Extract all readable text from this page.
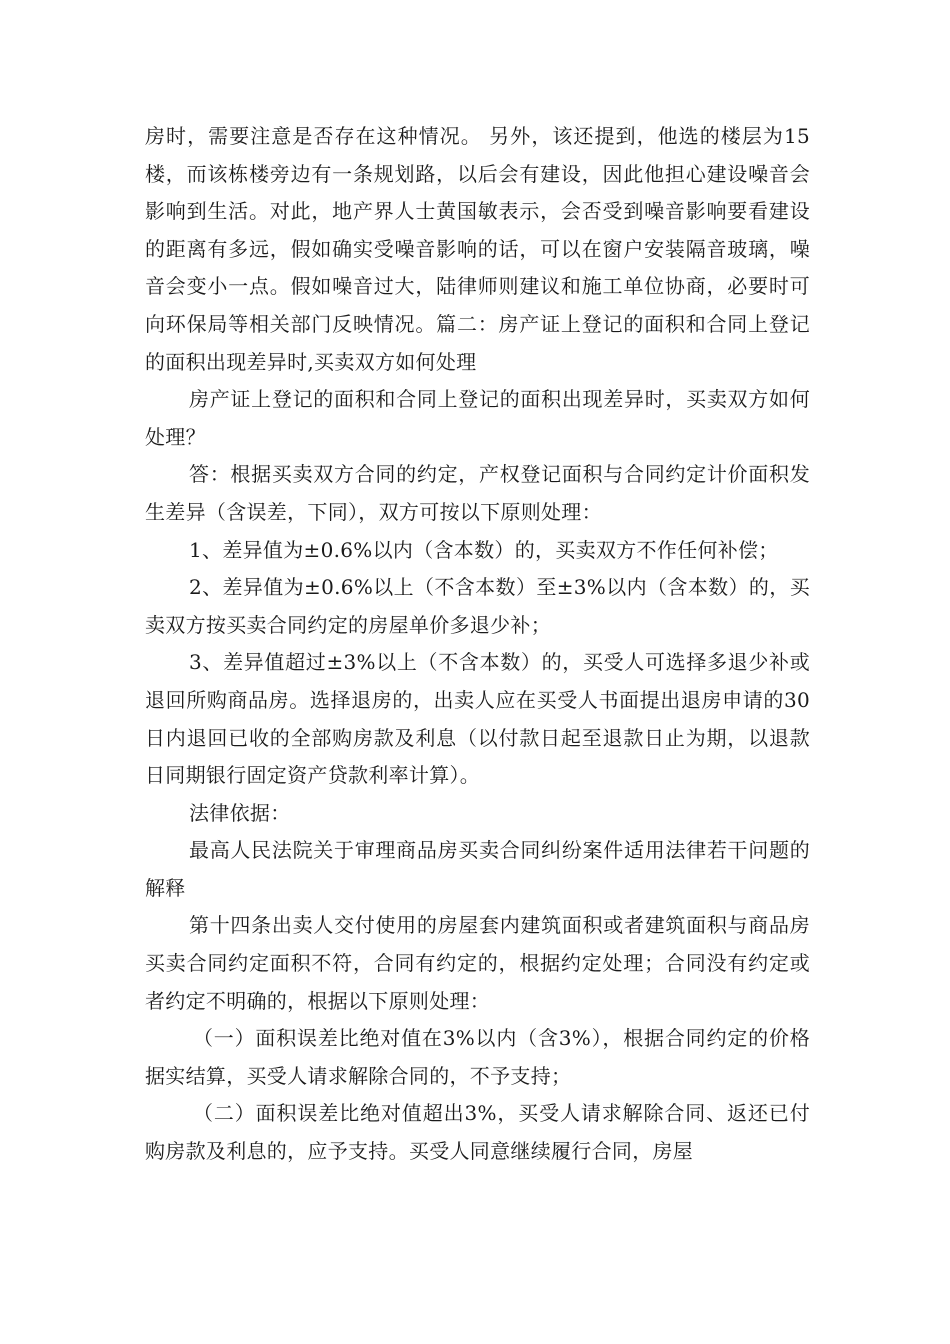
房时，需要注意是否存在这种情况。 另外，该还提到，他选的楼层为15楼，而该栋楼旁边有一条规划路，以后会有建设，因此他担心建设噪音会影响到生活。对此，地产界人士黄国敏表示，会否受到噪音影响要看建设的距离有多远，假如确实受噪音影响的话，可以在窗户安装隔音玻璃，噪音会变小一点。假如噪音过大，陆律师则建议和施工单位协商，必要时可向环保局等相关部门反映情况。篇二：房产证上登记的面积和合同上登记的面积出现差异时,买卖双方如何处理

房产证上登记的面积和合同上登记的面积出现差异时，买卖双方如何处理？

答：根据买卖双方合同的约定，产权登记面积与合同约定计价面积发生差异（含误差，下同），双方可按以下原则处理：

1、差异值为±0.6%以内（含本数）的，买卖双方不作任何补偿；

2、差异值为±0.6%以上（不含本数）至±3%以内（含本数）的，买卖双方按买卖合同约定的房屋单价多退少补；

3、差异值超过±3%以上（不含本数）的，买受人可选择多退少补或退回所购商品房。选择退房的，出卖人应在买受人书面提出退房申请的30日内退回已收的全部购房款及利息（以付款日起至退款日止为期，以退款日同期银行固定资产贷款利率计算）。

法律依据：

最高人民法院关于审理商品房买卖合同纠纷案件适用法律若干问题的解释

第十四条出卖人交付使用的房屋套内建筑面积或者建筑面积与商品房买卖合同约定面积不符，合同有约定的，根据约定处理；合同没有约定或者约定不明确的，根据以下原则处理：

（一）面积误差比绝对值在3%以内（含3%），根据合同约定的价格据实结算，买受人请求解除合同的，不予支持；

（二）面积误差比绝对值超出3%，买受人请求解除合同、返还已付购房款及利息的，应予支持。买受人同意继续履行合同，房屋
